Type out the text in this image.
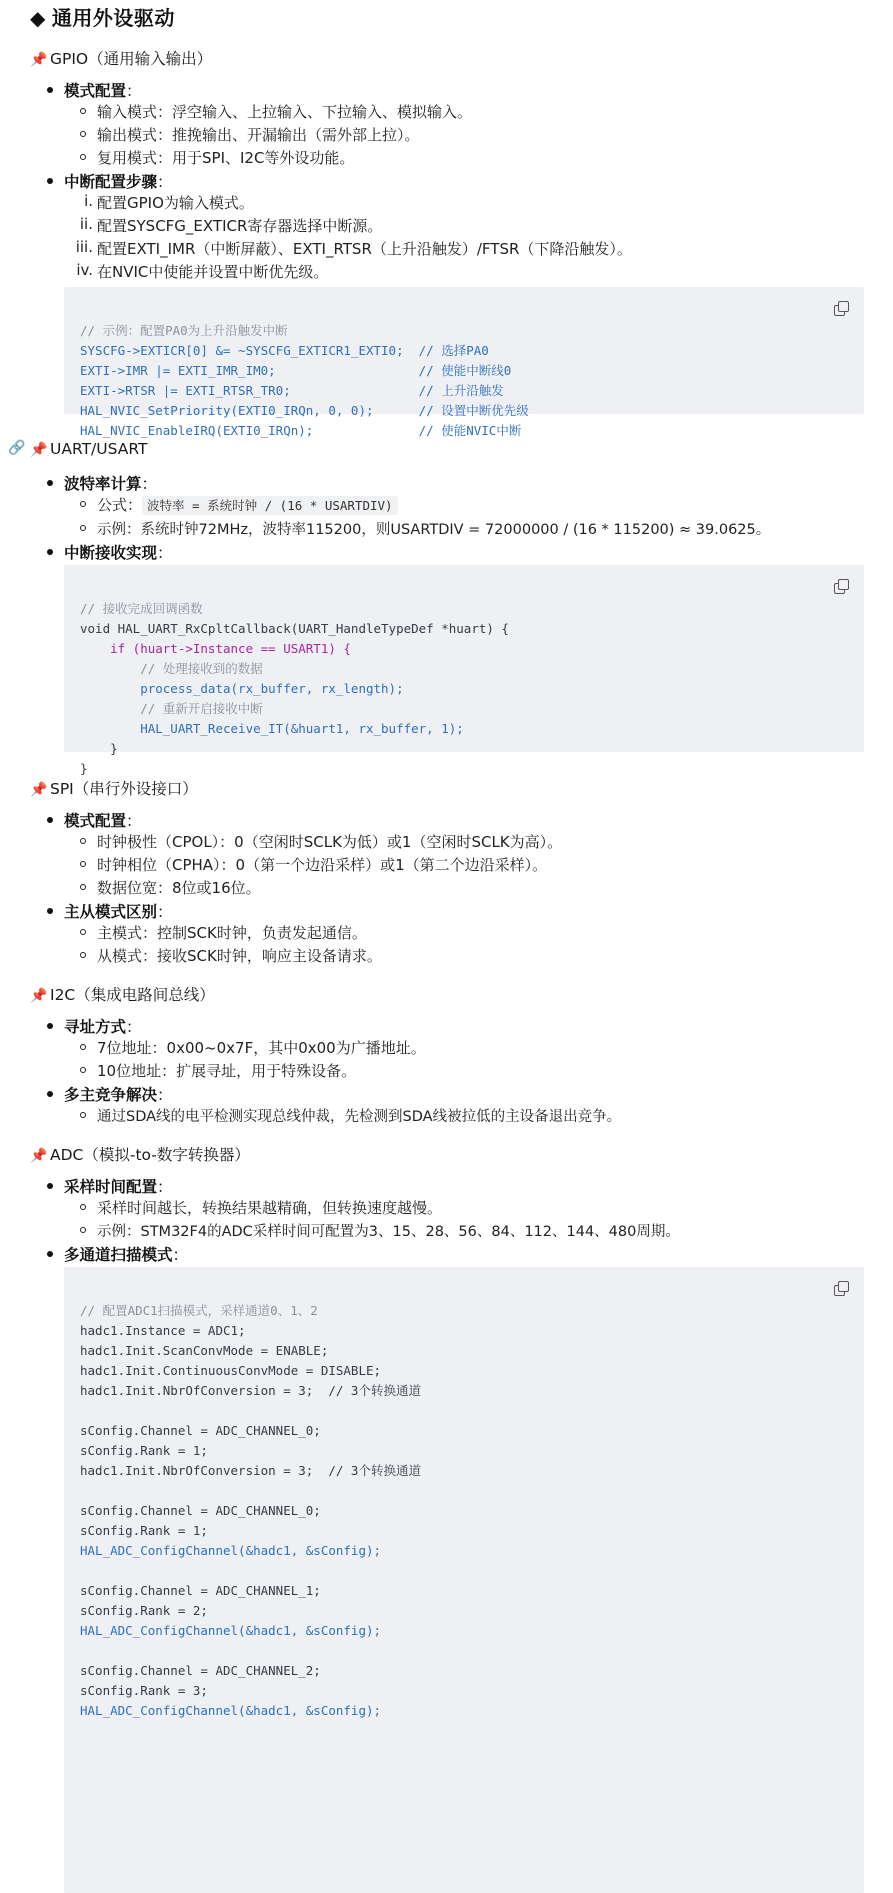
◆ 通用外设驱动
📌 GPIO（通用输入输出）
模式配置：
输入模式：浮空输入、上拉输入、下拉输入、模拟输入。
输出模式：推挽输出、开漏输出（需外部上拉）。
复用模式：用于SPI、I2C等外设功能。
中断配置步骤：
i. 配置GPIO为输入模式。
ii. 配置SYSCFG_EXTICR寄存器选择中断源。
iii. 配置EXTI_IMR（中断屏蔽）、EXTI_RTSR（上升沿触发）/FTSR（下降沿触发）。
iv. 在NVIC中使能并设置中断优先级。

// 示例：配置PA0为上升沿触发中断
SYSCFG->EXTICR[0] &= ~SYSCFG_EXTICR1_EXTI0;  // 选择PA0
EXTI->IMR |= EXTI_IMR_IM0;                   // 使能中断线0
EXTI->RTSR |= EXTI_RTSR_TR0;                 // 上升沿触发
HAL_NVIC_SetPriority(EXTI0_IRQn, 0, 0);      // 设置中断优先级
HAL_NVIC_EnableIRQ(EXTI0_IRQn);              // 使能NVIC中断
🔗 📌 UART/USART
波特率计算：
公式： 波特率 = 系统时钟 / (16 * USARTDIV)
示例：系统时钟72MHz，波特率115200，则USARTDIV = 72000000 / (16 * 115200) ≈ 39.0625。
中断接收实现：

// 接收完成回调函数
void HAL_UART_RxCpltCallback(UART_HandleTypeDef *huart) {
if (huart->Instance == USART1) {
// 处理接收到的数据
process_data(rx_buffer, rx_length);
// 重新开启接收中断
HAL_UART_Receive_IT(&huart1, rx_buffer, 1);
}
}
📌 SPI（串行外设接口）
模式配置：
时钟极性（CPOL）：0（空闲时SCLK为低）或1（空闲时SCLK为高）。
时钟相位（CPHA）：0（第一个边沿采样）或1（第二个边沿采样）。
数据位宽：8位或16位。
主从模式区别：
主模式：控制SCK时钟，负责发起通信。
从模式：接收SCK时钟，响应主设备请求。
📌 I2C（集成电路间总线）
寻址方式：
7位地址：0x00~0x7F，其中0x00为广播地址。
10位地址：扩展寻址，用于特殊设备。
多主竞争解决：
通过SDA线的电平检测实现总线仲裁，先检测到SDA线被拉低的主设备退出竞争。
📌 ADC（模拟-to-数字转换器）
采样时间配置：
采样时间越长，转换结果越精确，但转换速度越慢。
示例：STM32F4的ADC采样时间可配置为3、15、28、56、84、112、144、480周期。
多通道扫描模式：

// 配置ADC1扫描模式，采样通道0、1、2
hadc1.Instance = ADC1;
hadc1.Init.ScanConvMode = ENABLE;
hadc1.Init.ContinuousConvMode = DISABLE;
hadc1.Init.NbrOfConversion = 3;  // 3个转换通道

sConfig.Channel = ADC_CHANNEL_0;
sConfig.Rank = 1;
hadc1.Init.NbrOfConversion = 3;  // 3个转换通道

sConfig.Channel = ADC_CHANNEL_0;
sConfig.Rank = 1;
HAL_ADC_ConfigChannel(&hadc1, &sConfig);

sConfig.Channel = ADC_CHANNEL_1;
sConfig.Rank = 2;
HAL_ADC_ConfigChannel(&hadc1, &sConfig);

sConfig.Channel = ADC_CHANNEL_2;
sConfig.Rank = 3;
HAL_ADC_ConfigChannel(&hadc1, &sConfig);
